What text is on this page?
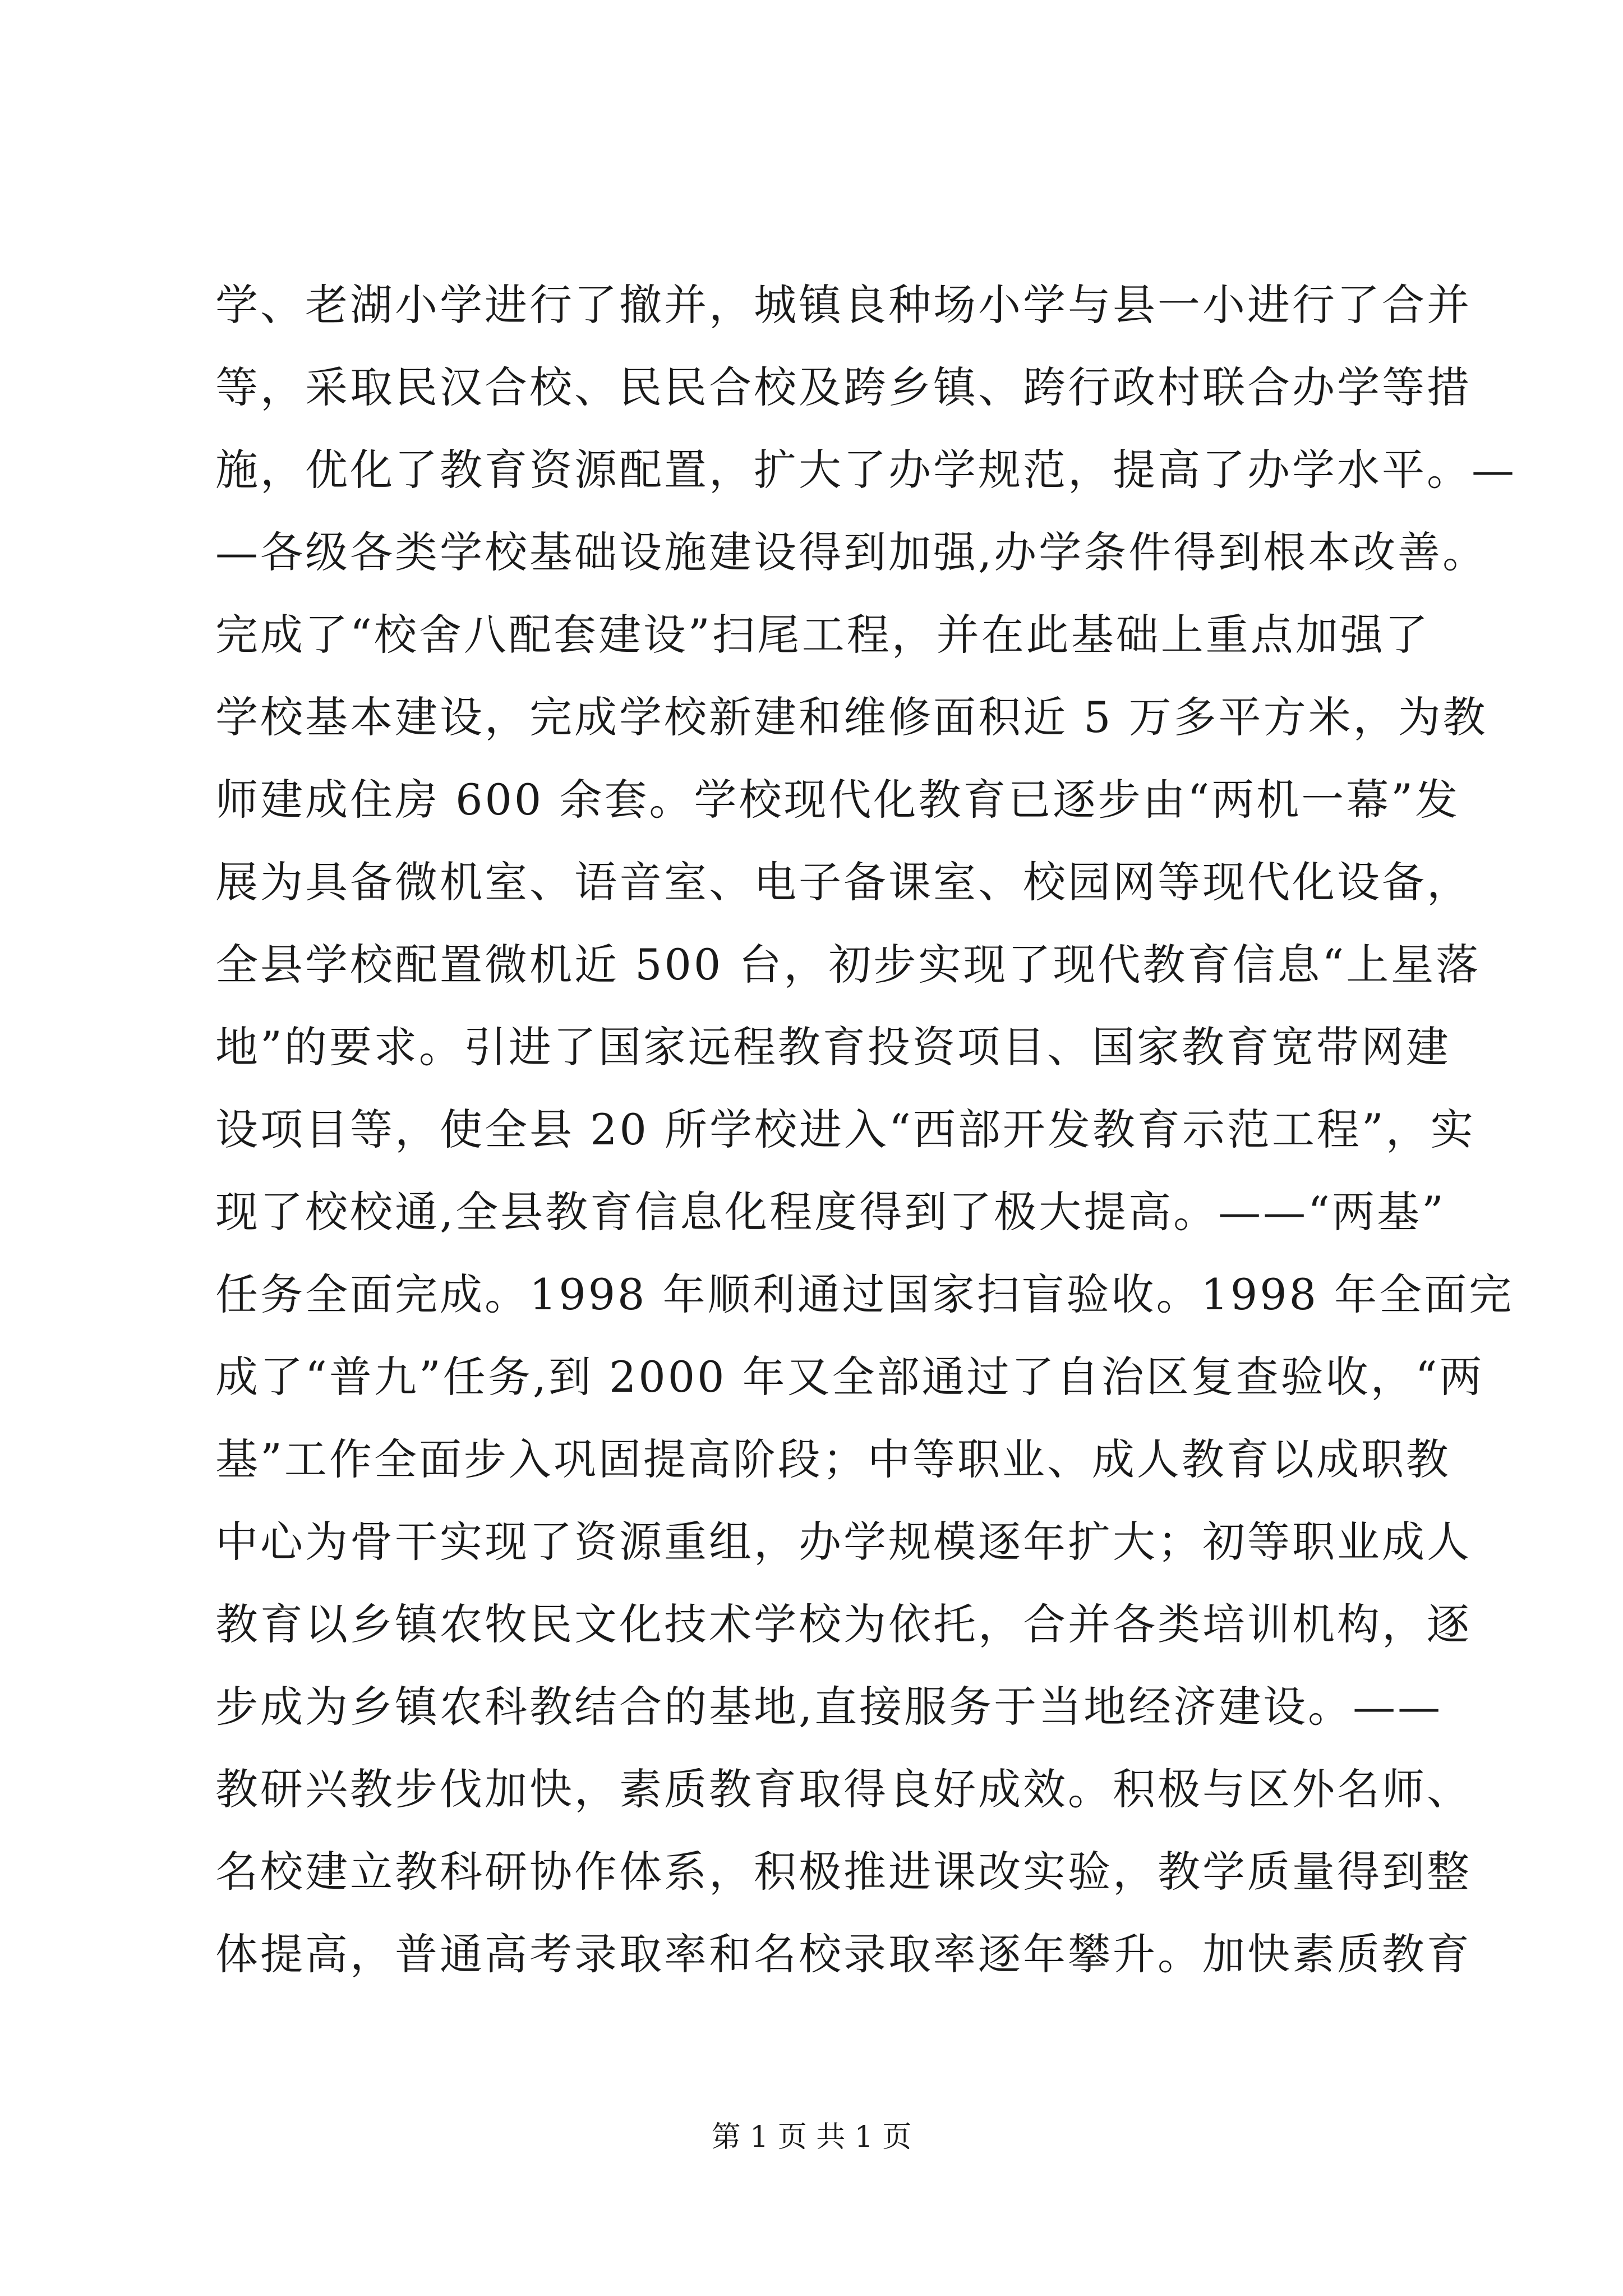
学、老湖小学进行了撤并，城镇良种场小学与县一小进行了合并
等，采取民汉合校、民民合校及跨乡镇、跨行政村联合办学等措
施，优化了教育资源配置，扩大了办学规范，提高了办学水平。—
—各级各类学校基础设施建设得到加强,办学条件得到根本改善。
完成了“校舍八配套建设”扫尾工程，并在此基础上重点加强了
学校基本建设，完成学校新建和维修面积近 5 万多平方米，为教
师建成住房 600 余套。学校现代化教育已逐步由“两机一幕”发
展为具备微机室、语音室、电子备课室、校园网等现代化设备，
全县学校配置微机近 500 台，初步实现了现代教育信息“上星落
地”的要求。引进了国家远程教育投资项目、国家教育宽带网建
设项目等，使全县 20 所学校进入“西部开发教育示范工程”，实
现了校校通,全县教育信息化程度得到了极大提高。——“两基”
任务全面完成。1998 年顺利通过国家扫盲验收。1998 年全面完
成了“普九”任务,到 2000 年又全部通过了自治区复查验收，“两
基”工作全面步入巩固提高阶段；中等职业、成人教育以成职教
中心为骨干实现了资源重组，办学规模逐年扩大；初等职业成人
教育以乡镇农牧民文化技术学校为依托，合并各类培训机构，逐
步成为乡镇农科教结合的基地,直接服务于当地经济建设。——
教研兴教步伐加快，素质教育取得良好成效。积极与区外名师、
名校建立教科研协作体系，积极推进课改实验，教学质量得到整
体提高，普通高考录取率和名校录取率逐年攀升。加快素质教育
第 1 页 共 1 页
